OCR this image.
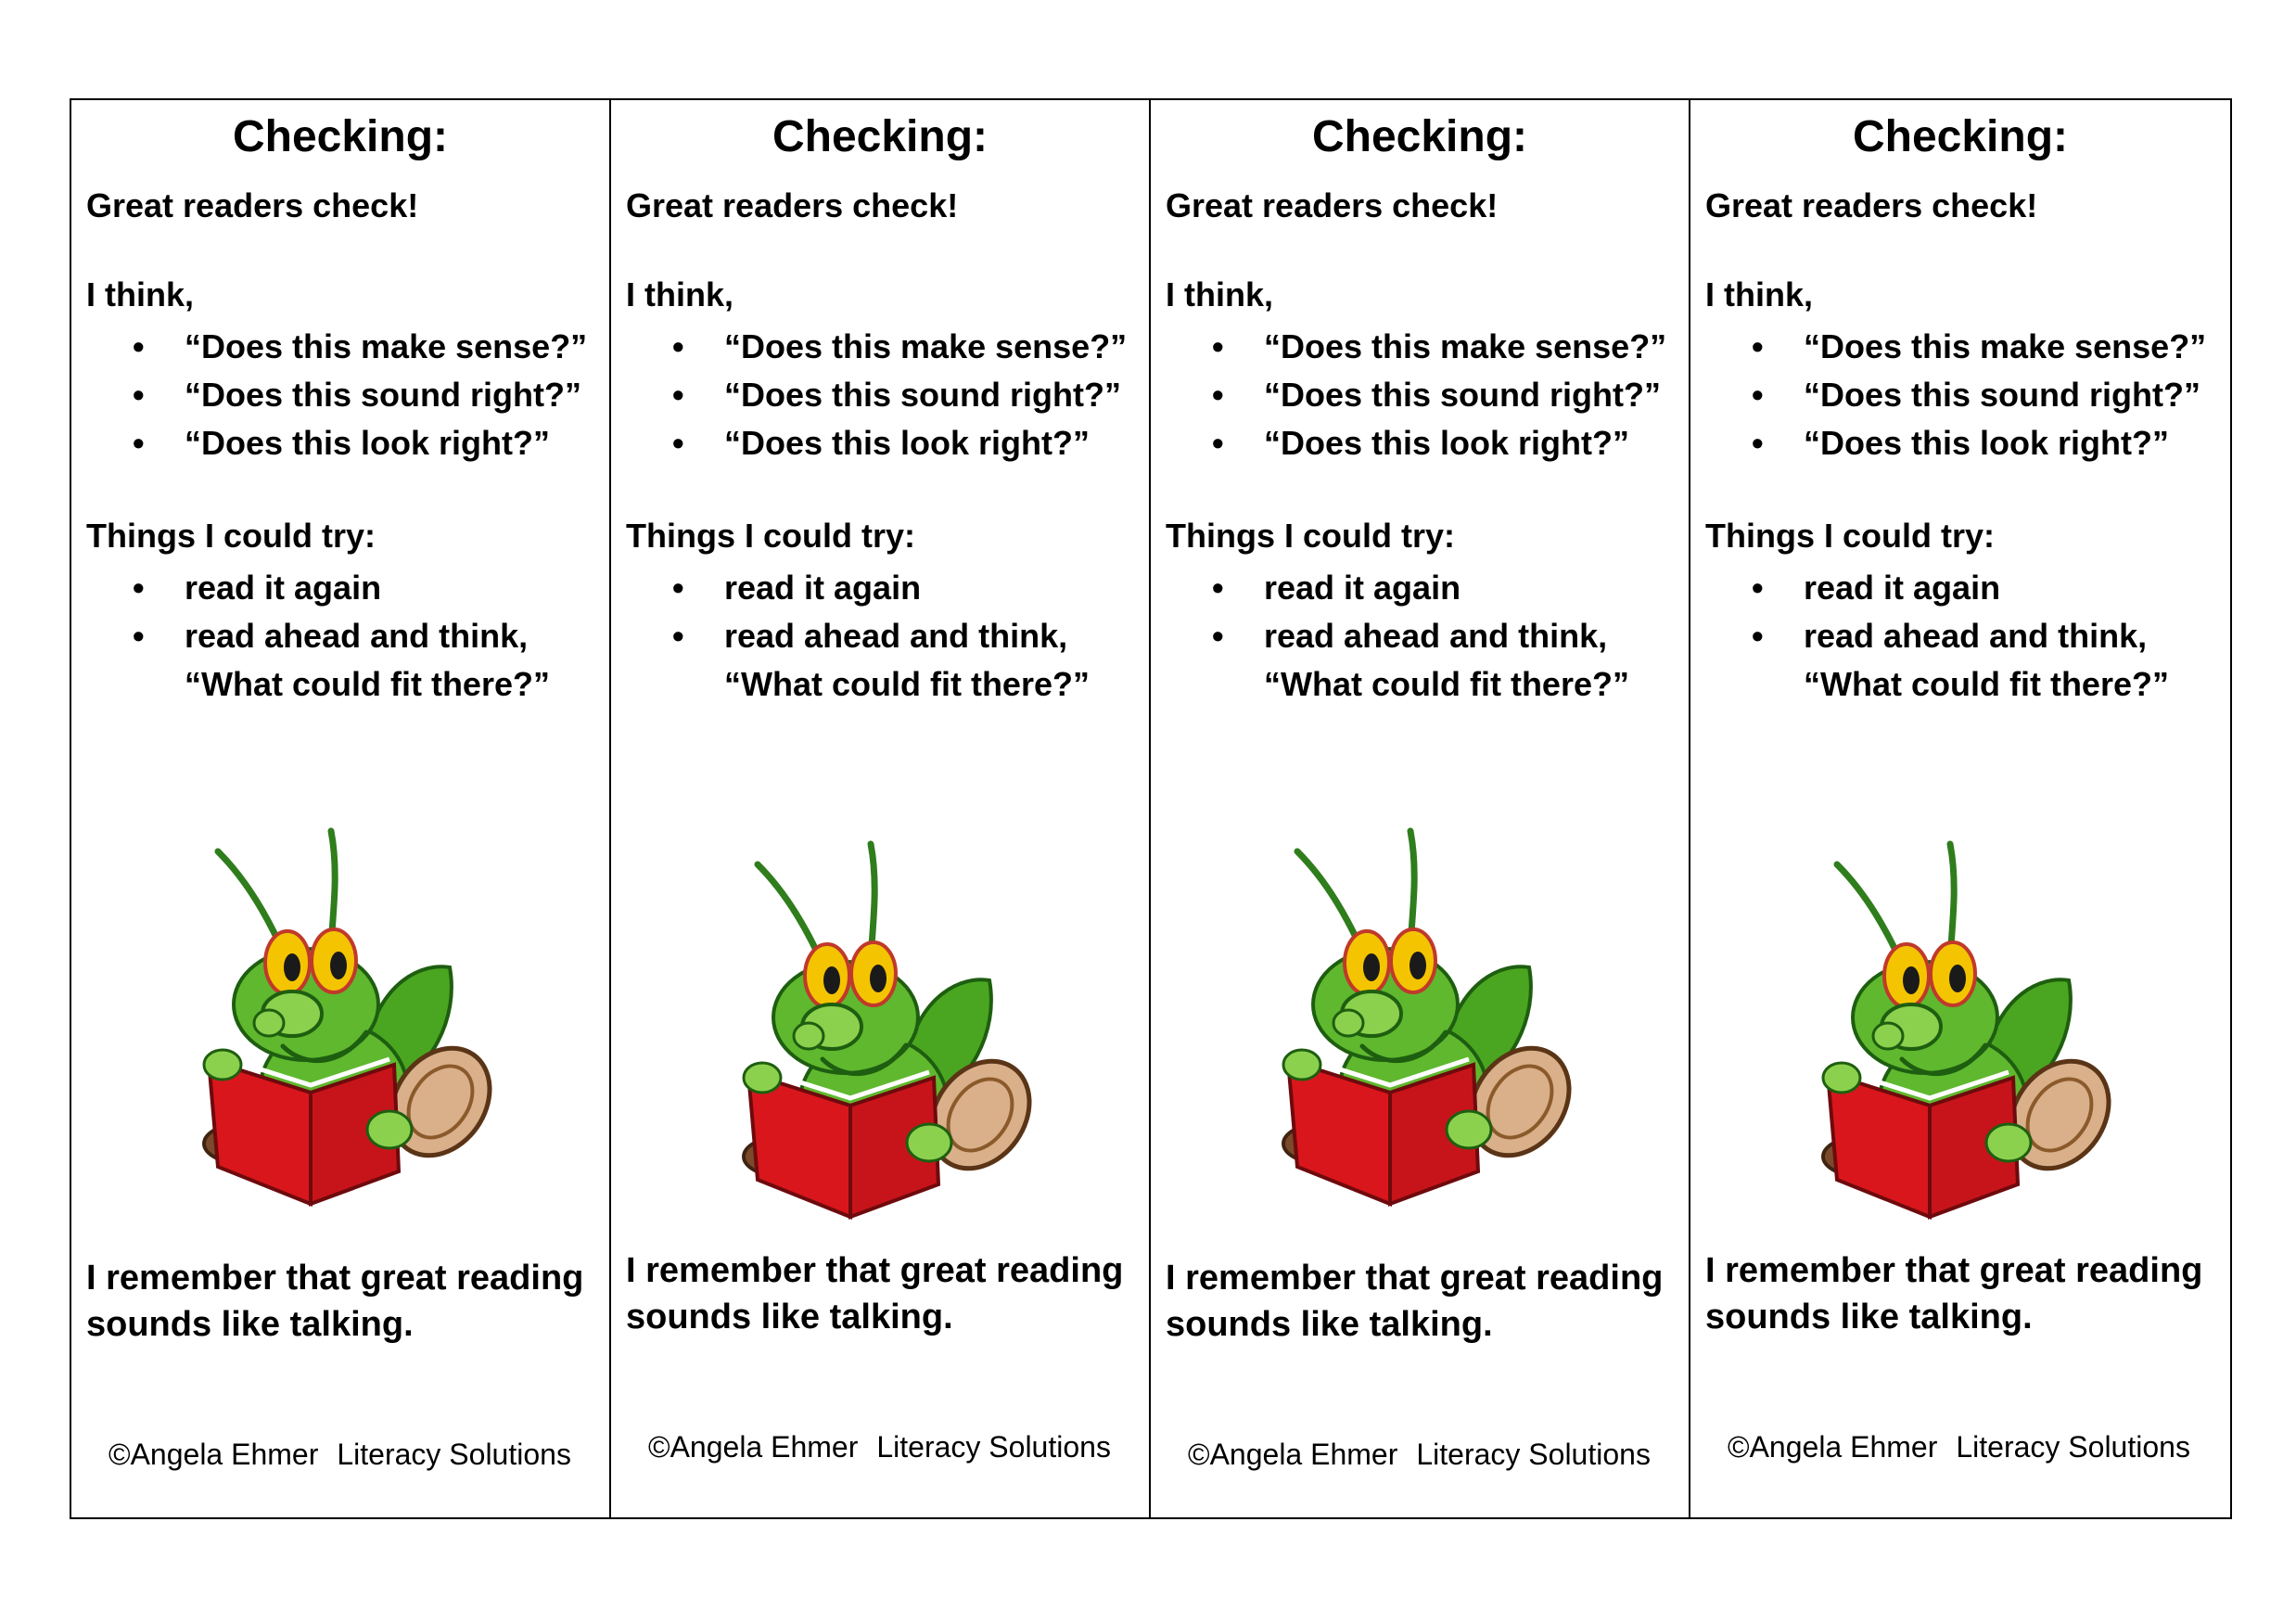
Checking:
Great readers check!
I think,
• “Does this make sense?”
• “Does this sound right?”
• “Does this look right?”
Things I could try:
• read it again
• read ahead and think,
“What could fit there?”
I remember that great reading
sounds like talking.
©Angela Ehmer Literacy Solutions
Checking:
Great readers check!
I think,
• “Does this make sense?”
• “Does this sound right?”
• “Does this look right?”
Things I could try:
• read it again
• read ahead and think,
“What could fit there?”
I remember that great reading
sounds like talking.
©Angela Ehmer Literacy Solutions
Checking:
Great readers check!
I think,
• “Does this make sense?”
• “Does this sound right?”
• “Does this look right?”
Things I could try:
• read it again
• read ahead and think,
“What could fit there?”
I remember that great reading
sounds like talking.
©Angela Ehmer Literacy Solutions
Checking:
Great readers check!
I think,
• “Does this make sense?”
• “Does this sound right?”
• “Does this look right?”
Things I could try:
• read it again
• read ahead and think,
“What could fit there?”
I remember that great reading
sounds like talking.
©Angela Ehmer Literacy Solutions
